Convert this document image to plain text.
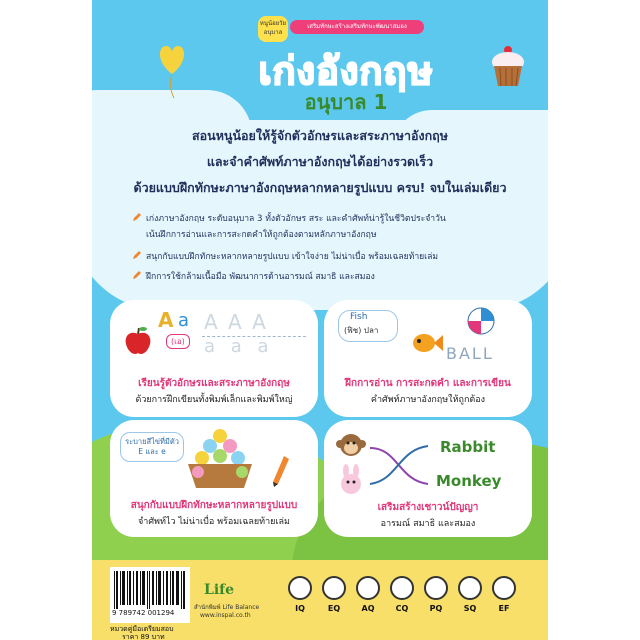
หนูน้อยวัยอนุบาล
เสริมทักษะสร้างเสริมทักษะพัฒนาสมอง
เก่งอังกฤษ
อนุบาล 1
สอนหนูน้อยให้รู้จักตัวอักษรและสระภาษาอังกฤษ
และจำคำศัพท์ภาษาอังกฤษได้อย่างรวดเร็ว
ด้วยแบบฝึกทักษะภาษาอังกฤษหลากหลายรูปแบบ ครบ! จบในเล่มเดียว
เก่งภาษาอังกฤษ ระดับอนุบาล 3 ทั้งตัวอักษร สระ และคำศัพท์น่ารู้ในชีวิตประจำวัน
เน้นฝึกการอ่านและการสะกดคำให้ถูกต้องตามหลักภาษาอังกฤษ
สนุกกับแบบฝึกทักษะหลากหลายรูปแบบ เข้าใจง่าย ไม่น่าเบื่อ พร้อมเฉลยท้ายเล่ม
ฝึกการใช้กล้ามเนื้อมือ พัฒนาการด้านอารมณ์ สมาธิ และสมอง
A a
(เอ)
A A A
a a a
เรียนรู้ตัวอักษรและสระภาษาอังกฤษ
ด้วยการฝึกเขียนทั้งพิมพ์เล็กและพิมพ์ใหญ่
Fish
(ฟิช) ปลา
BALL
ฝึกการอ่าน การสะกดคำ และการเขียน
คำศัพท์ภาษาอังกฤษให้ถูกต้อง
ระบายสีไข่ที่มีตัว E และ e
สนุกกับแบบฝึกทักษะหลากหลายรูปแบบ
จำศัพท์ไว ไม่น่าเบื่อ พร้อมเฉลยท้ายเล่ม
Rabbit
Monkey
เสริมสร้างเชาวน์ปัญญา
อารมณ์ สมาธิ และสมอง
9 789742 001294
หมวดคู่มือเตรียมสอบ
ราคา 89 บาท
Life
สำนักพิมพ์ Life Balance
www.inspal.co.th
IQ	EQ	AQ	CQ	PQ	SQ	EF
